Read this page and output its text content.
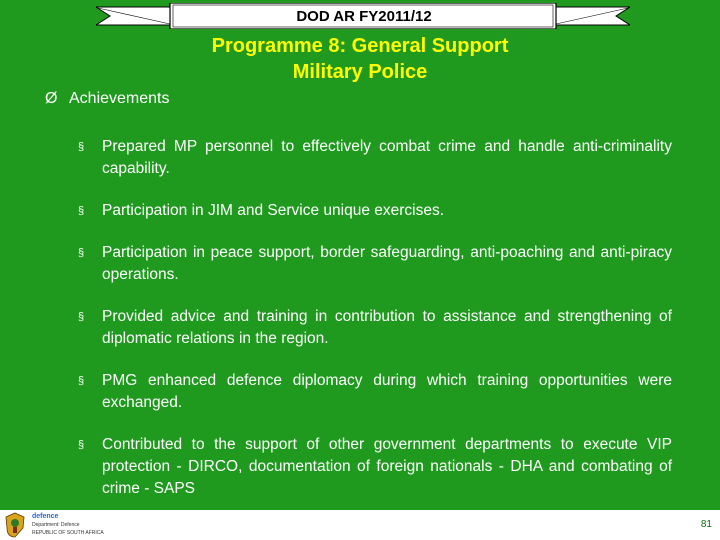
DOD AR FY2011/12
Programme 8: General Support
Military Police
Ø Achievements
§ Prepared MP personnel to effectively combat crime and handle anti-criminality capability.
§ Participation in JIM and Service unique exercises.
§ Participation in peace support, border safeguarding, anti-poaching and anti-piracy operations.
§ Provided advice and training in contribution to assistance and strengthening of diplomatic relations in the region.
§ PMG enhanced defence diplomacy during which training opportunities were exchanged.
§ Contributed to the support of other government departments to execute VIP protection - DIRCO, documentation of foreign nationals - DHA and combating of crime - SAPS
defence
Department: Defence
REPUBLIC OF SOUTH AFRICA
81
